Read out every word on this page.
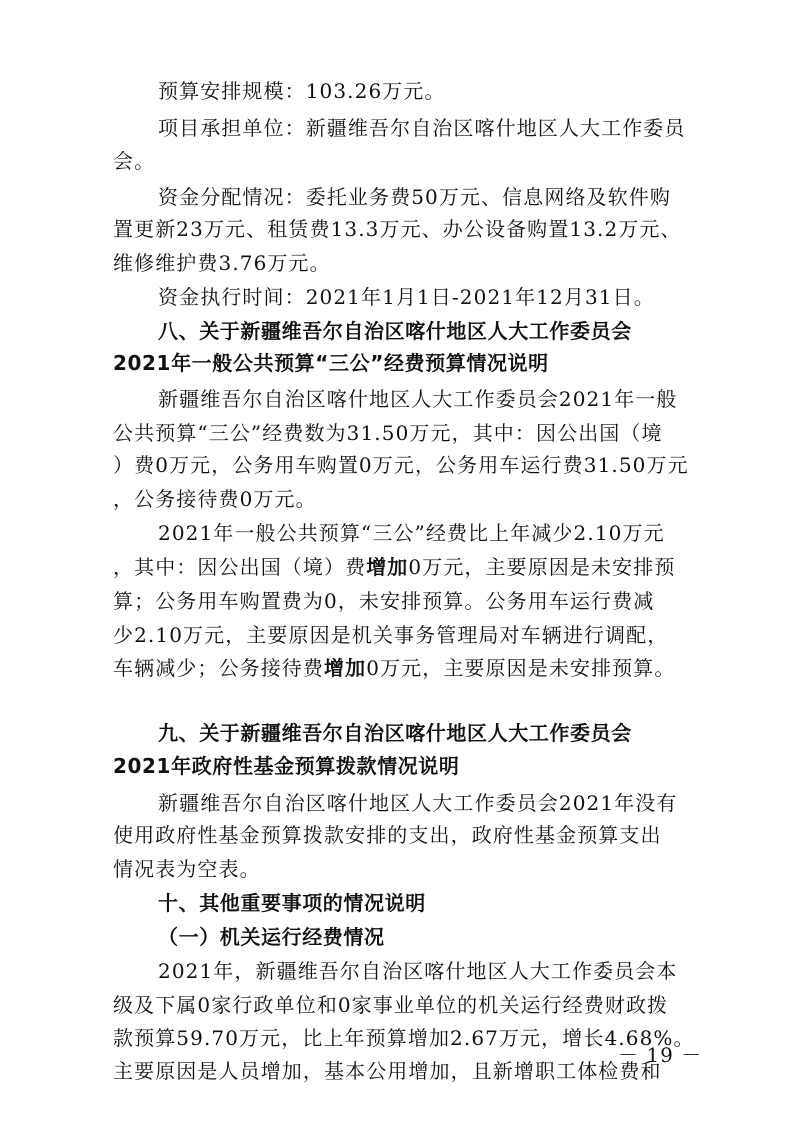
预算安排规模：103.26万元。
项目承担单位：新疆维吾尔自治区喀什地区人大工作委员
会。
资金分配情况：委托业务费50万元、信息网络及软件购
置更新23万元、租赁费13.3万元、办公设备购置13.2万元、
维修维护费3.76万元。
资金执行时间：2021年1月1日-2021年12月31日。
八、关于新疆维吾尔自治区喀什地区人大工作委员会
2021年一般公共预算“三公”经费预算情况说明
新疆维吾尔自治区喀什地区人大工作委员会2021年一般
公共预算“三公”经费数为31.50万元，其中：因公出国（境
）费0万元，公务用车购置0万元，公务用车运行费31.50万元
，公务接待费0万元。
2021年一般公共预算“三公”经费比上年减少2.10万元
，其中：因公出国（境）费增加0万元，主要原因是未安排预
算；公务用车购置费为0，未安排预算。公务用车运行费减
少2.10万元，主要原因是机关事务管理局对车辆进行调配，
车辆减少；公务接待费增加0万元，主要原因是未安排预算。
九、关于新疆维吾尔自治区喀什地区人大工作委员会
2021年政府性基金预算拨款情况说明
新疆维吾尔自治区喀什地区人大工作委员会2021年没有
使用政府性基金预算拨款安排的支出，政府性基金预算支出
情况表为空表。
十、其他重要事项的情况说明
（一）机关运行经费情况
2021年，新疆维吾尔自治区喀什地区人大工作委员会本
级及下属0家行政单位和0家事业单位的机关运行经费财政拨
款预算59.70万元，比上年预算增加2.67万元，增长4.68%。
主要原因是人员增加，基本公用增加，且新增职工体检费和
－ 19 －
